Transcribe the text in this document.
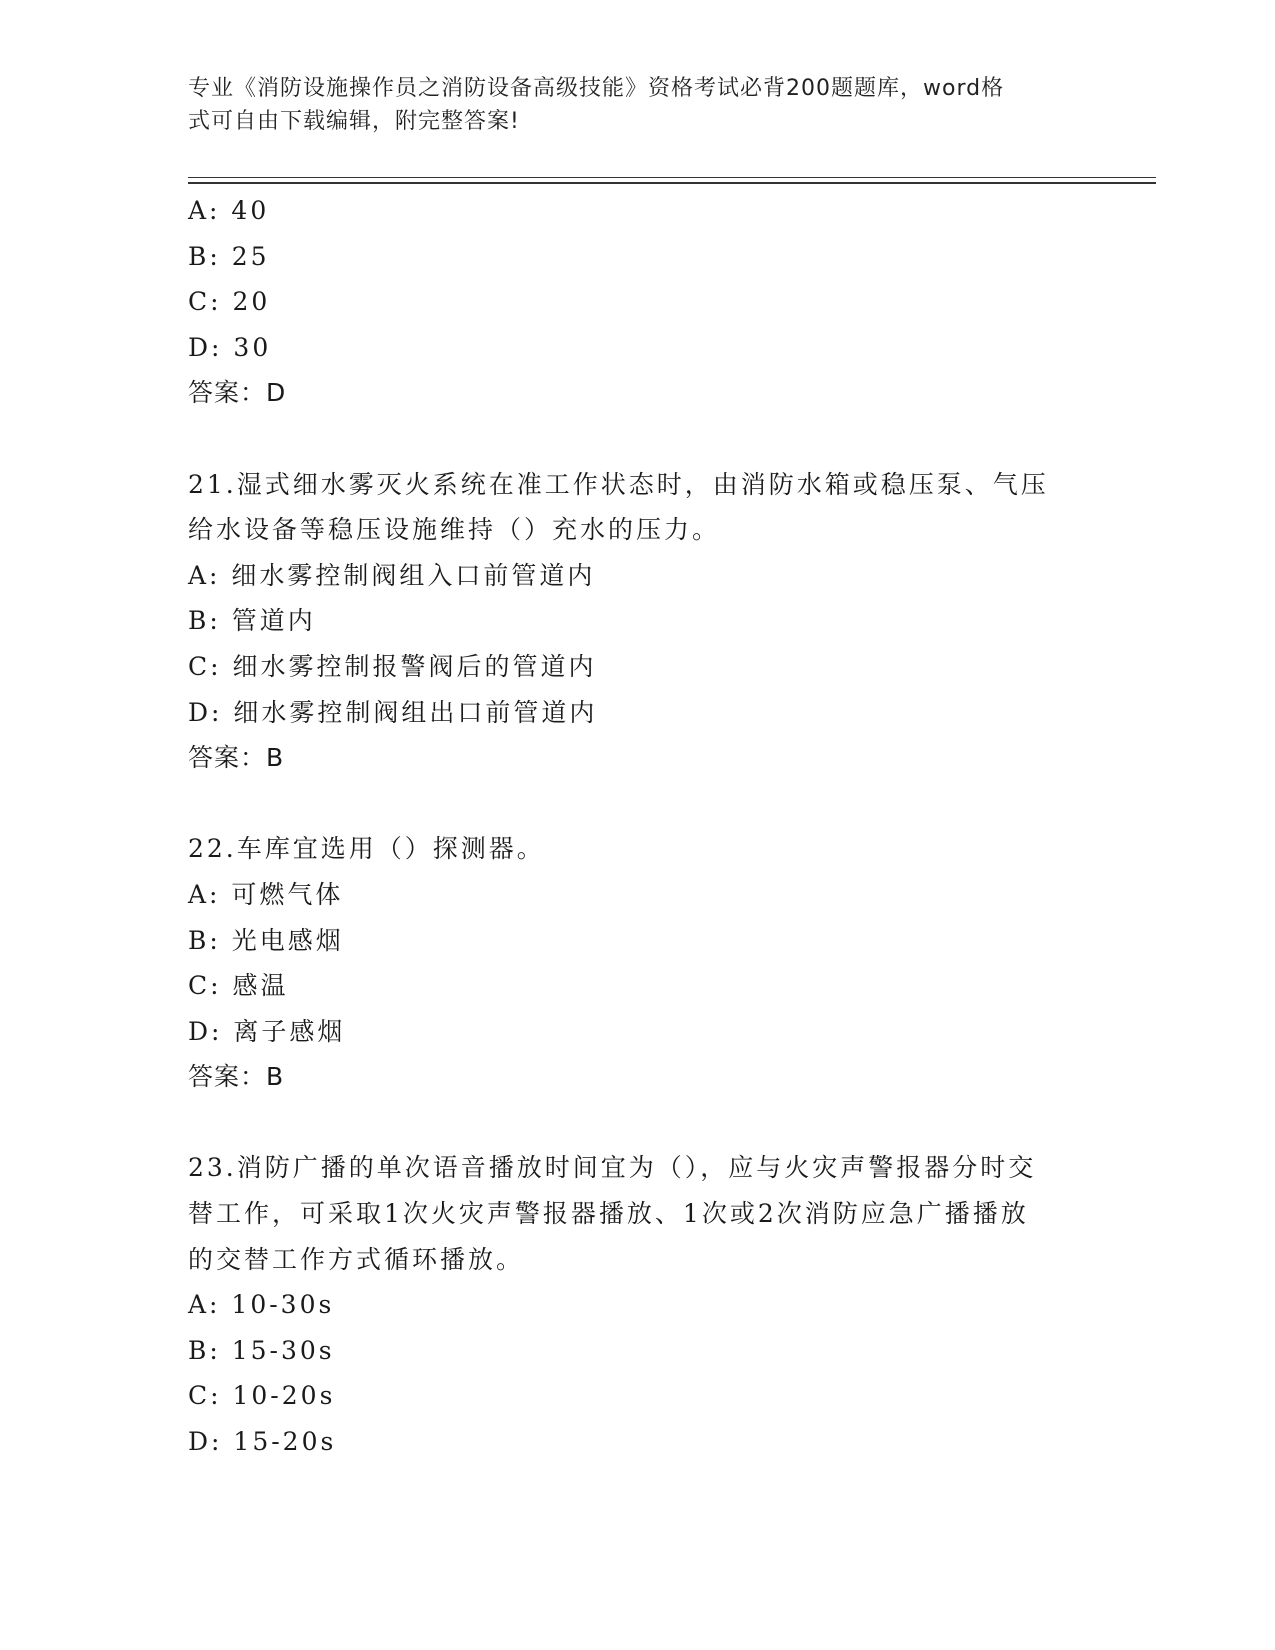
专业《消防设施操作员之消防设备高级技能》资格考试必背200题题库，word格
式可自由下载编辑，附完整答案!
A: 40
B: 25
C: 20
D: 30
答案：D
21.湿式细水雾灭火系统在准工作状态时，由消防水箱或稳压泵、气压
给水设备等稳压设施维持（）充水的压力。
A: 细水雾控制阀组入口前管道内
B: 管道内
C: 细水雾控制报警阀后的管道内
D: 细水雾控制阀组出口前管道内
答案：B
22.车库宜选用（）探测器。
A: 可燃气体
B: 光电感烟
C: 感温
D: 离子感烟
答案：B
23.消防广播的单次语音播放时间宜为（），应与火灾声警报器分时交
替工作，可采取1次火灾声警报器播放、1次或2次消防应急广播播放
的交替工作方式循环播放。
A: 10-30s
B: 15-30s
C: 10-20s
D: 15-20s
